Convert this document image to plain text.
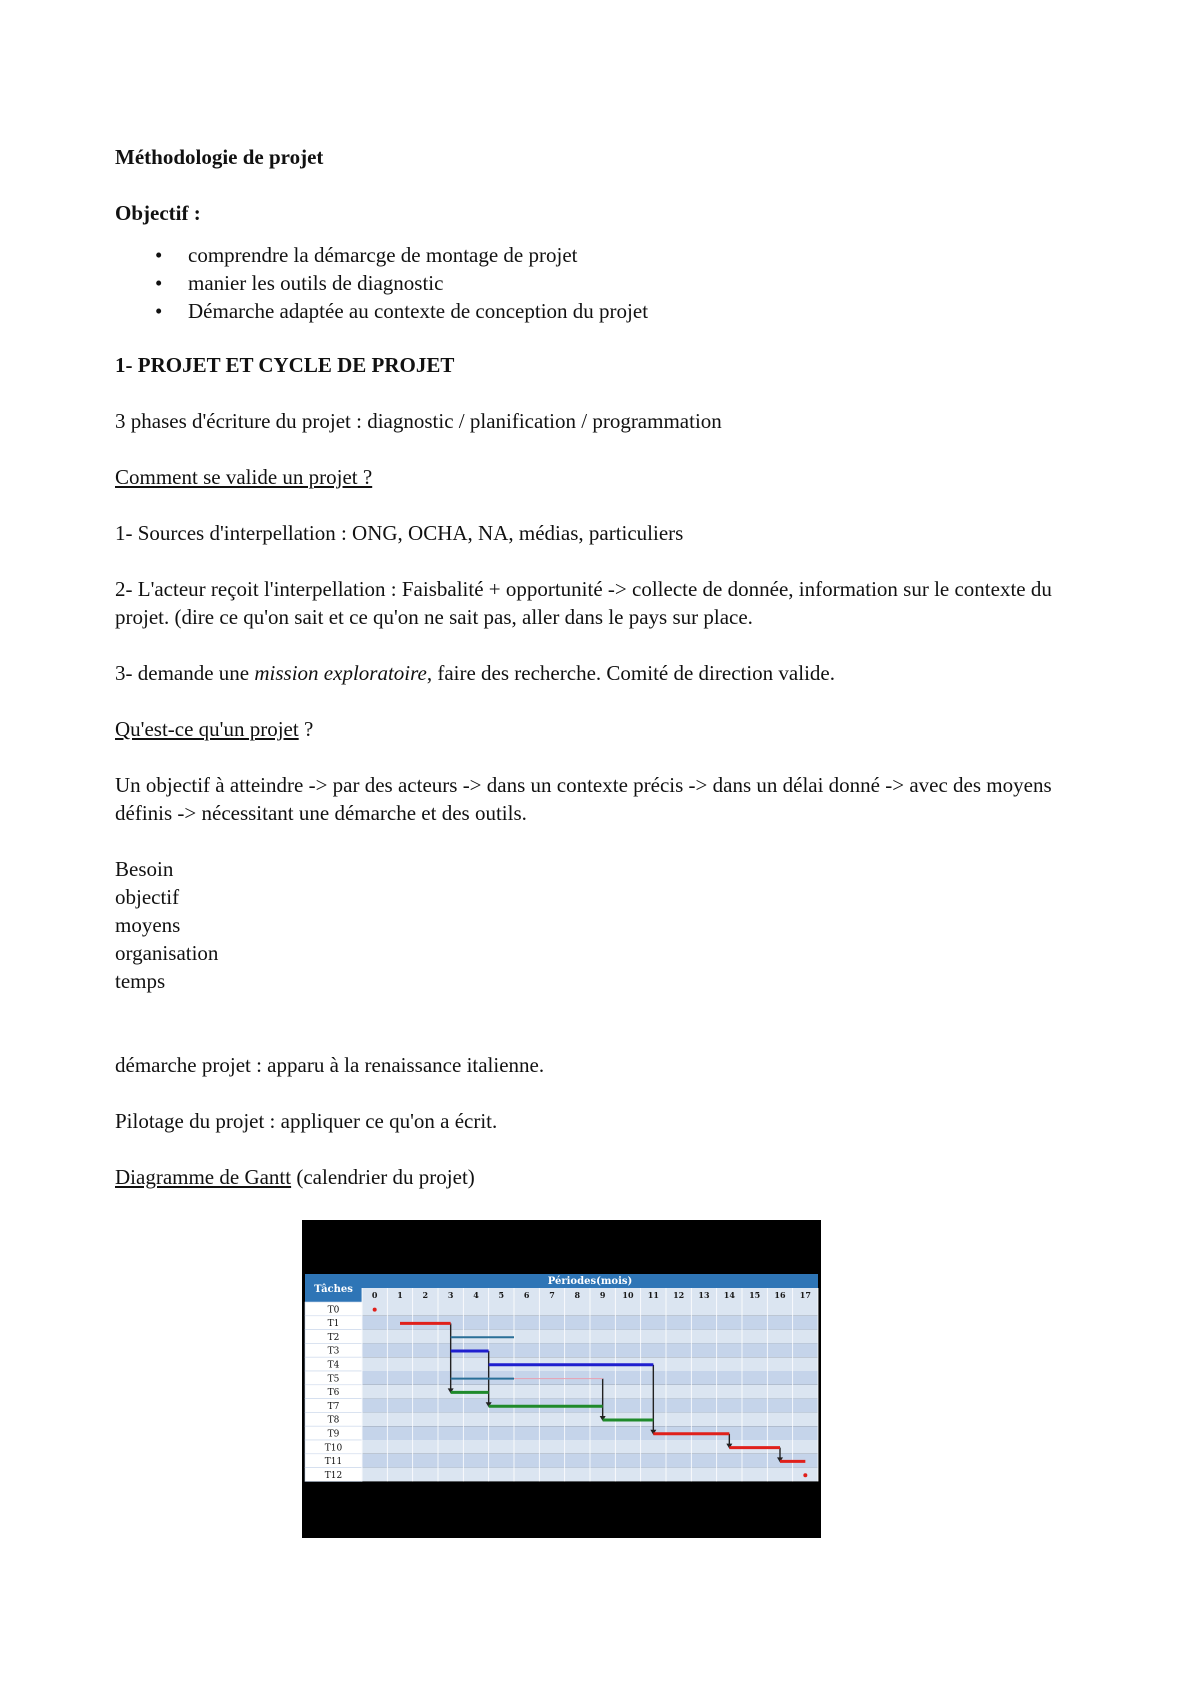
Méthodologie de projet
Objectif :
• comprendre la démarcge de montage de projet
• manier les outils de diagnostic
• Démarche adaptée au contexte de conception du projet
1- PROJET ET CYCLE DE PROJET

3 phases d'écriture du projet : diagnostic / planification / programmation

Comment se valide un projet ?

1- Sources d'interpellation : ONG, OCHA, NA, médias, particuliers

2- L'acteur reçoit l'interpellation : Faisbalité + opportunité -> collecte de donnée, information sur le contexte du projet. (dire ce qu'on sait et ce qu'on ne sait pas, aller dans le pays sur place.

3- demande une mission exploratoire, faire des recherche. Comité de direction valide.

Qu'est-ce qu'un projet ?

Un objectif à atteindre -> par des acteurs -> dans un contexte précis -> dans un délai donné -> avec des moyens définis -> nécessitant une démarche et des outils.

Besoin
objectif
moyens
organisation
temps

démarche projet : apparu à la renaissance italienne.

Pilotage du projet : appliquer ce qu'on a écrit.

Diagramme de Gantt (calendrier du projet)

Tâches
Périodes(mois)
0 1 2 3 4 5 6 7 8 9 10 11 12 13 14 15 16 17
T0
T1
T2
T3
T4
T5
T6
T7
T8
T9
T10
T11
T12
